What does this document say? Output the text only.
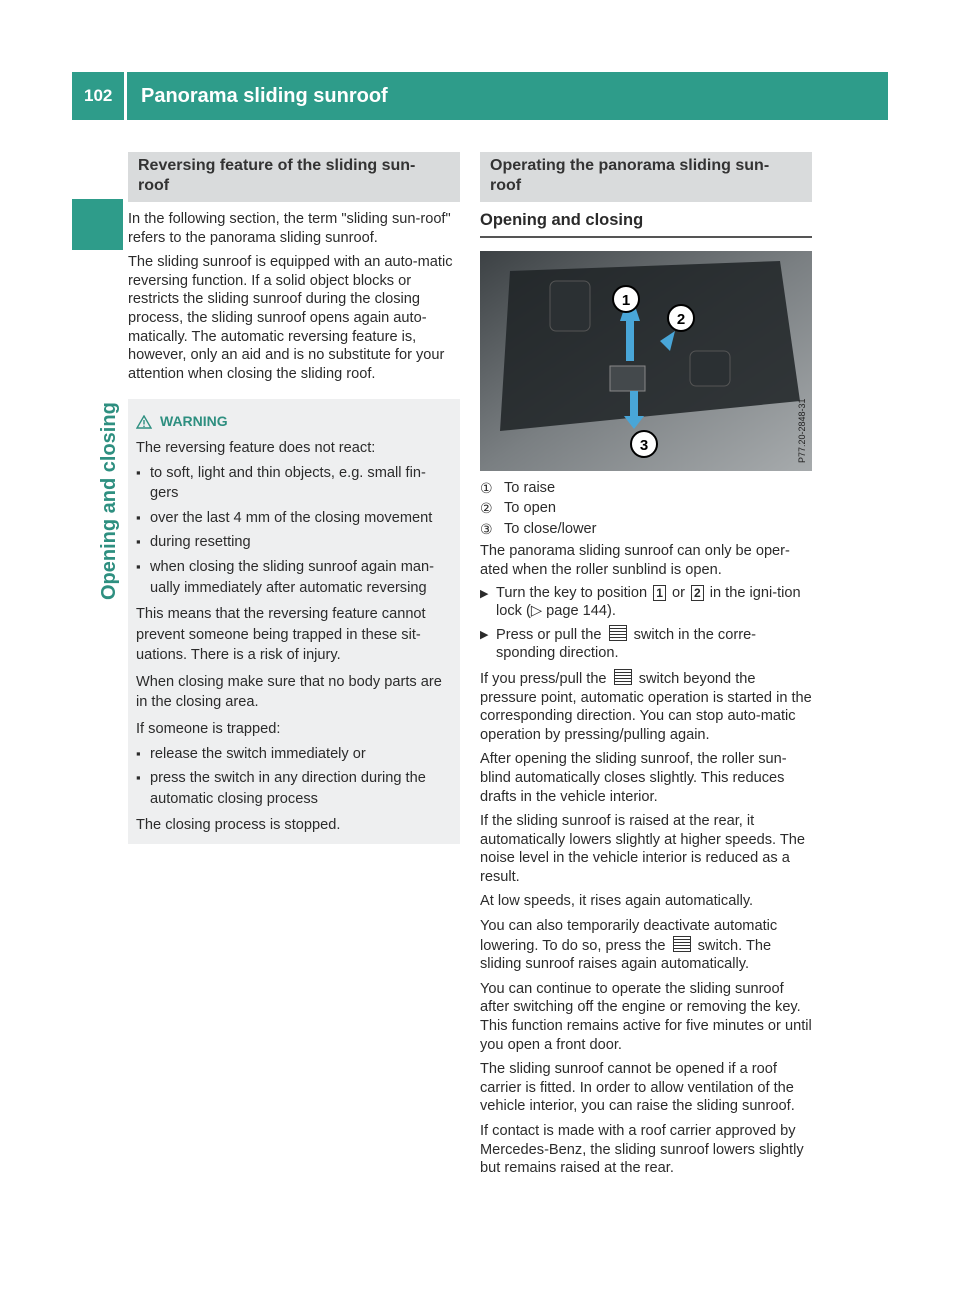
102 Panorama sliding sunroof
Opening and closing
Reversing feature of the sliding sun-
roof

In the following section, the term "sliding sun-roof" refers to the panorama sliding sunroof.

The sliding sunroof is equipped with an auto-matic reversing function. If a solid object blocks or restricts the sliding sunroof during the closing process, the sliding sunroof opens again auto-matically. The automatic reversing feature is, however, only an aid and is no substitute for your attention when closing the sliding roof.

WARNING
The reversing feature does not react:
▪ to soft, light and thin objects, e.g. small fin-gers
▪ over the last 4 mm of the closing movement
▪ during resetting
▪ when closing the sliding sunroof again man-ually immediately after automatic reversing
This means that the reversing feature cannot prevent someone being trapped in these sit-uations. There is a risk of injury.
When closing make sure that no body parts are in the closing area.
If someone is trapped:
▪ release the switch immediately or
▪ press the switch in any direction during the automatic closing process
The closing process is stopped.
Operating the panorama sliding sun-
roof
Opening and closing
1
2
3	P77.20-2848-31
① To raise
② To open
③ To close/lower

The panorama sliding sunroof can only be oper-ated when the roller sunblind is open.

▶ Turn the key to position 1 or 2 in the igni-tion lock (▷ page 144).
▶ Press or pull the switch in the corre-sponding direction.

If you press/pull the switch beyond the pressure point, automatic operation is started in the corresponding direction. You can stop auto-matic operation by pressing/pulling again.

After opening the sliding sunroof, the roller sun-blind automatically closes slightly. This reduces drafts in the vehicle interior.

If the sliding sunroof is raised at the rear, it automatically lowers slightly at higher speeds. The noise level in the vehicle interior is reduced as a result.

At low speeds, it rises again automatically.

You can also temporarily deactivate automatic lowering. To do so, press the switch. The sliding sunroof raises again automatically.

You can continue to operate the sliding sunroof after switching off the engine or removing the key. This function remains active for five minutes or until you open a front door.

The sliding sunroof cannot be opened if a roof carrier is fitted. In order to allow ventilation of the vehicle interior, you can raise the sliding sunroof.

If contact is made with a roof carrier approved by Mercedes-Benz, the sliding sunroof lowers slightly but remains raised at the rear.
